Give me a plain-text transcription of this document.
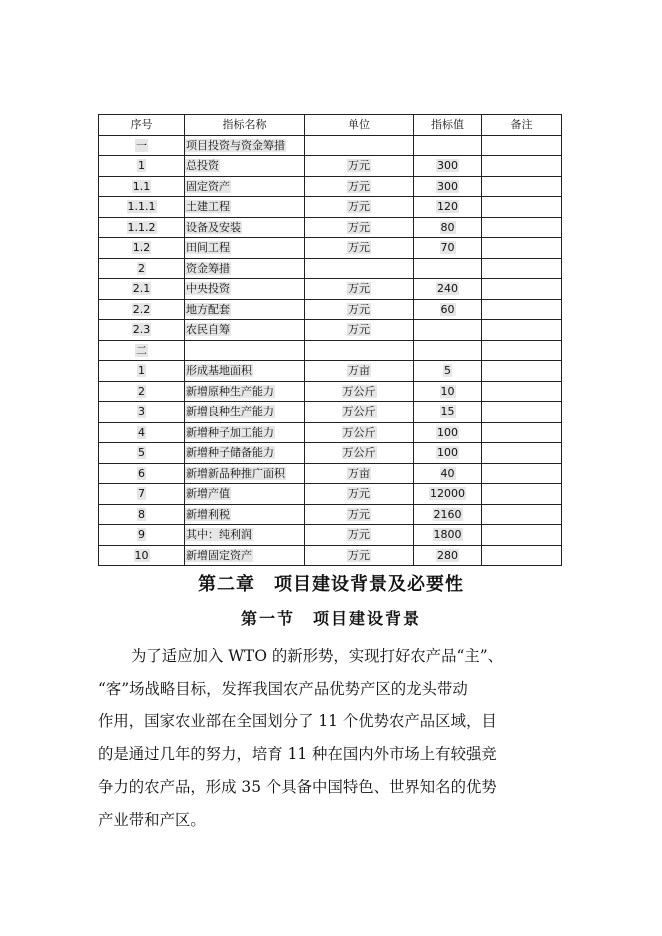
序号	指标名称	单位	指标值	备注
一	项目投资与资金筹措			
1	总投资	万元	300	
1.1	固定资产	万元	300	
1.1.1	土建工程	万元	120	
1.1.2	设备及安装	万元	80	
1.2	田间工程	万元	70	
2	资金筹措			
2.1	中央投资	万元	240	
2.2	地方配套	万元	60	
2.3	农民自筹	万元		
二				
1	形成基地面积	万亩	5	
2	新增原种生产能力	万公斤	10	
3	新增良种生产能力	万公斤	15	
4	新增种子加工能力	万公斤	100	
5	新增种子储备能力	万公斤	100	
6	新增新品种推广面积	万亩	40	
7	新增产值	万元	12000	
8	新增利税	万元	2160	
9	其中：纯利润	万元	1800	
10	新增固定资产	万元	280	
第二章　项目建设背景及必要性
第一节　项目建设背景
为了适应加入 WTO 的新形势，实现打好农产品“主”、
“客”场战略目标，发挥我国农产品优势产区的龙头带动
作用，国家农业部在全国划分了 11 个优势农产品区域，目
的是通过几年的努力，培育 11 种在国内外市场上有较强竞
争力的农产品，形成 35 个具备中国特色、世界知名的优势
产业带和产区。
